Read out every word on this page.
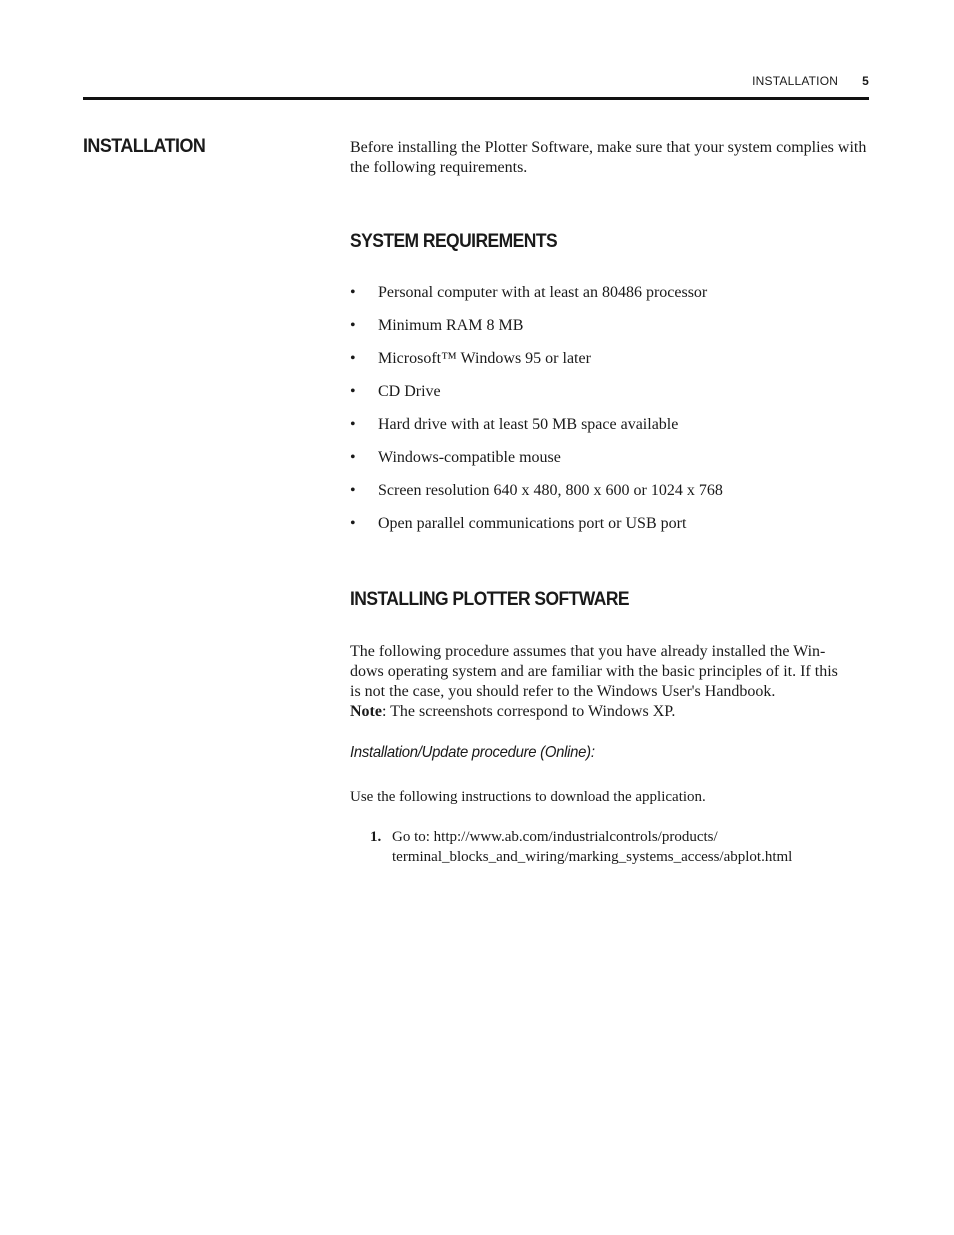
INSTALLATION 5
INSTALLATION	Before installing the Plotter Software, make sure that your system complies with the following requirements.

SYSTEM REQUIREMENTS
• Personal computer with at least an 80486 processor
• Minimum RAM 8 MB
• Microsoft™ Windows 95 or later
• CD Drive
• Hard drive with at least 50 MB space available
• Windows-compatible mouse
• Screen resolution 640 x 480, 800 x 600 or 1024 x 768
• Open parallel communications port or USB port
INSTALLING PLOTTER SOFTWARE

The following procedure assumes that you have already installed the Win-
dows operating system and are familiar with the basic principles of it. If this
is not the case, you should refer to the Windows User's Handbook.
Note: The screenshots correspond to Windows XP.

Installation/Update procedure (Online):

Use the following instructions to download the application.

1. Go to: http://www.ab.com/industrialcontrols/products/
terminal_blocks_and_wiring/marking_systems_access/abplot.html
